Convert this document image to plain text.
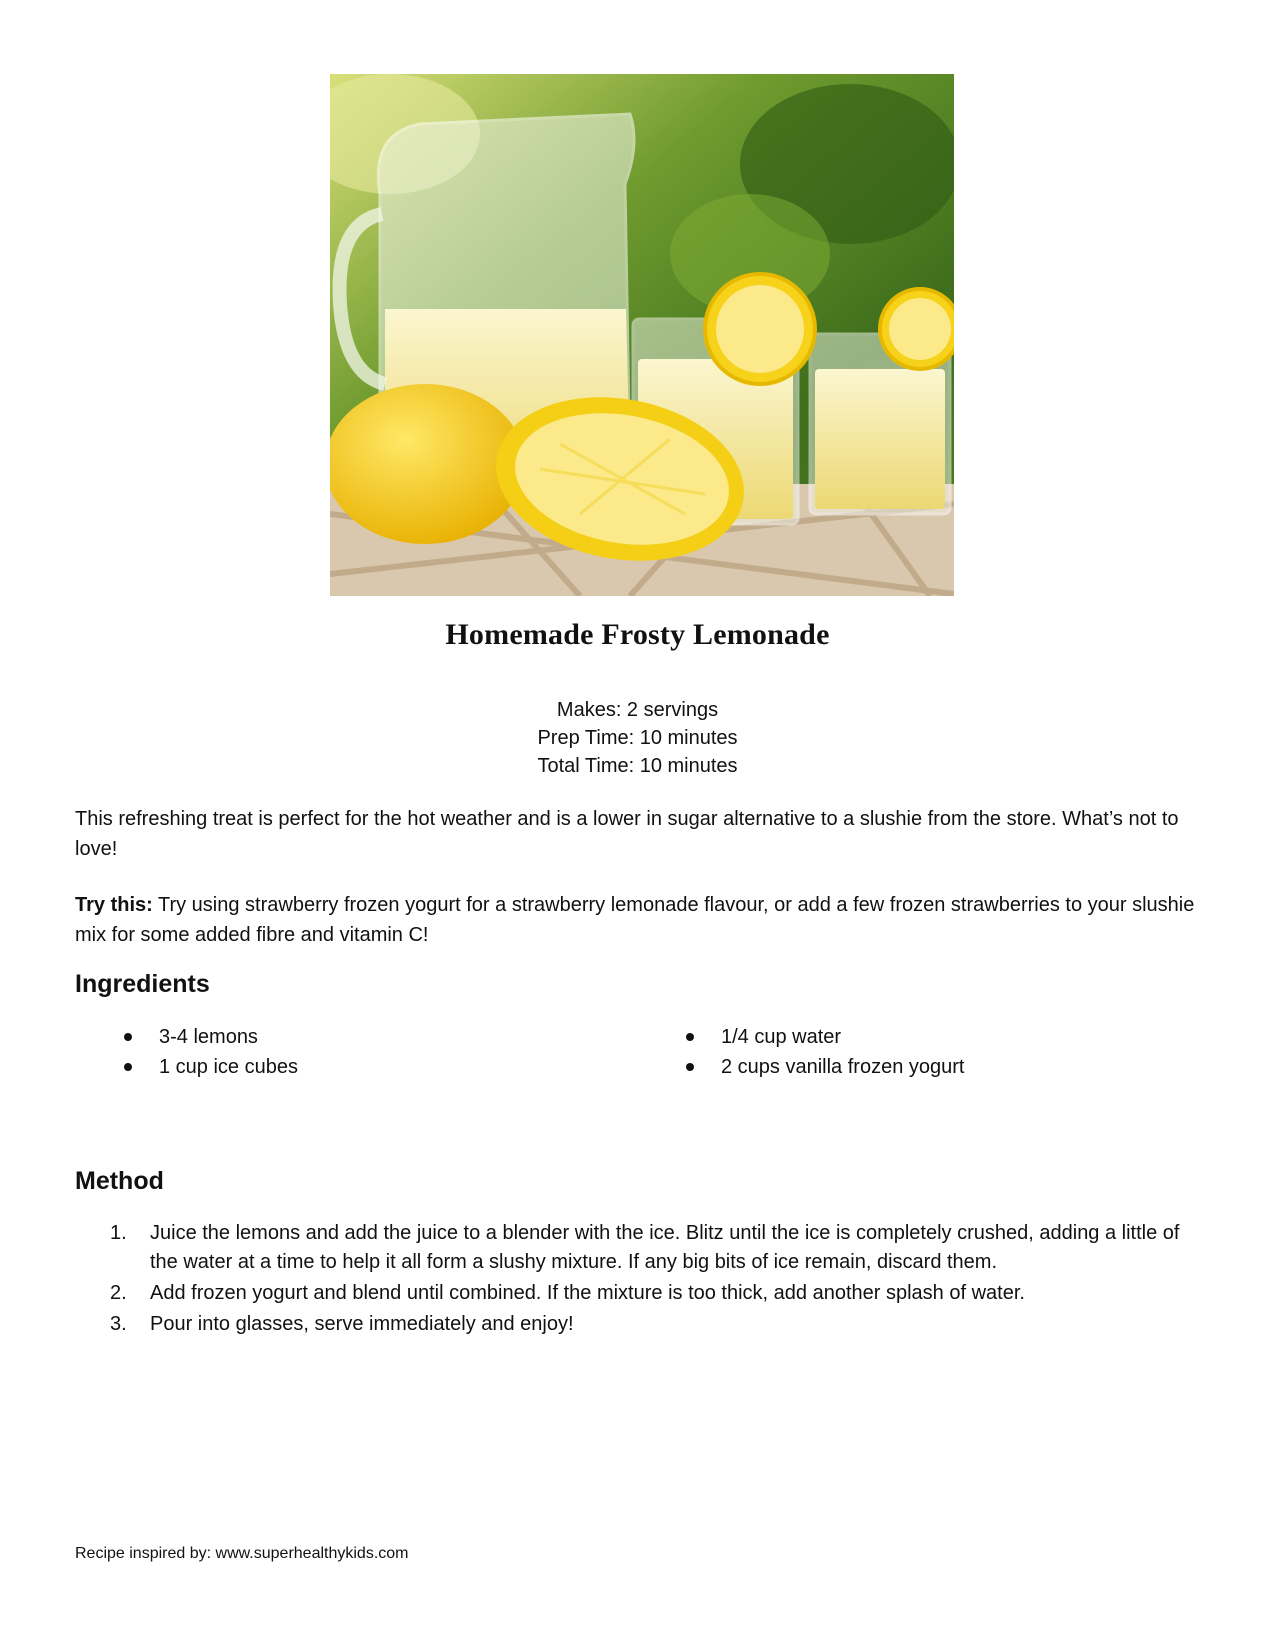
Homemade Frosty Lemonade
Makes: 2 servings
Prep Time: 10 minutes
Total Time: 10 minutes
This refreshing treat is perfect for the hot weather and is a lower in sugar alternative to a slushie from the store. What’s not to love!
Try this: Try using strawberry frozen yogurt for a strawberry lemonade flavour, or add a few frozen strawberries to your slushie mix for some added fibre and vitamin C!
Ingredients
3-4 lemons
1 cup ice cubes
1/4 cup water
2 cups vanilla frozen yogurt
Method
1. Juice the lemons and add the juice to a blender with the ice. Blitz until the ice is completely crushed, adding a little of the water at a time to help it all form a slushy mixture. If any big bits of ice remain, discard them.
2. Add frozen yogurt and blend until combined. If the mixture is too thick, add another splash of water.
3. Pour into glasses, serve immediately and enjoy!
Recipe inspired by: www.superhealthykids.com
